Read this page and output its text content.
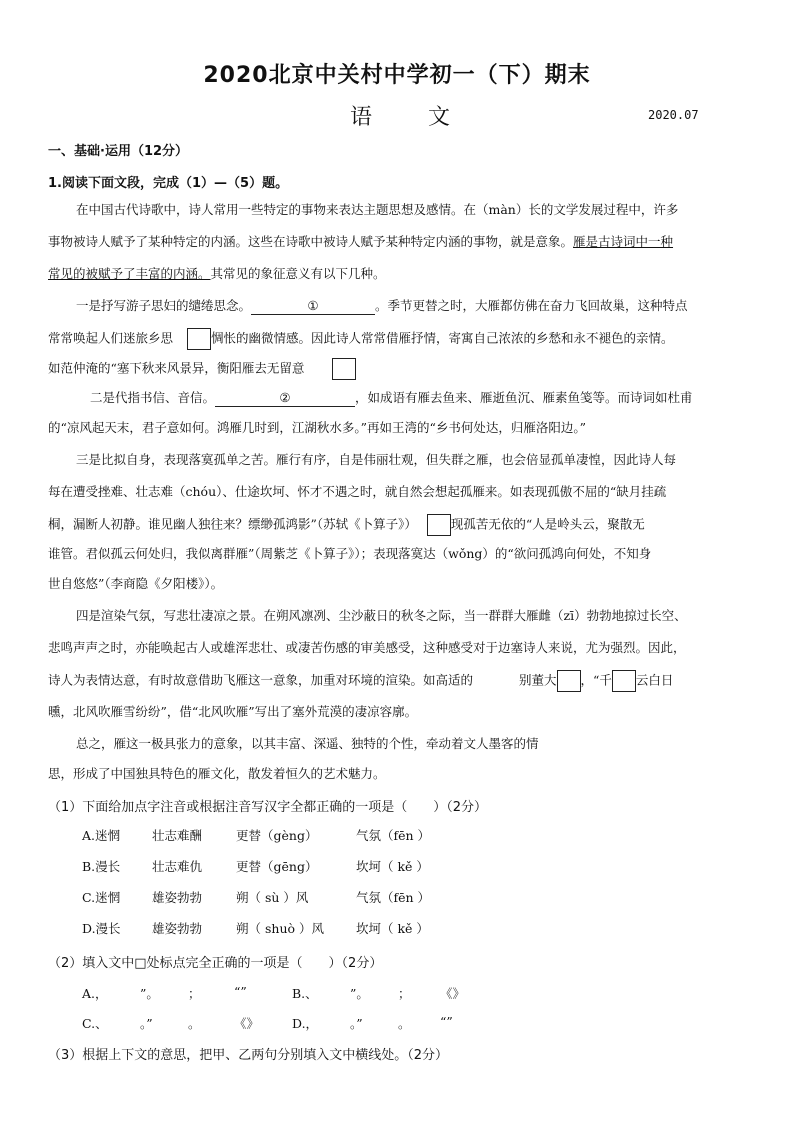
2020北京中关村中学初一（下）期末
语	文	2020.07
一、基础·运用（12分）
1.阅读下面文段，完成（1）—（5）题。
在中国古代诗歌中，诗人常用一些特定的事物来表达主题思想及感情。在（màn）长的文学发展过程中，许多
事物被诗人赋予了某种特定的内涵。这些在诗歌中被诗人赋予某种特定内涵的事物，就是意象。雁是古诗词中一种
常见的被赋予了丰富的内涵。其常见的象征意义有以下几种。
一是抒写游子思妇的缱绻思念。	①	。季节更替之时，大雁都仿佛在奋力飞回故巢，这种特点
常常唤起人们迷旅乡思	惆怅的幽微情感。因此诗人常常借雁抒情，寄寓自己浓浓的乡愁和永不褪色的亲情。
如范仲淹的“塞下秋来风景异，衡阳雁去无留意
二是代指书信、音信。	②	，如成语有雁去鱼来、雁逝鱼沉、雁素鱼笺等。而诗词如杜甫
的“凉风起天末，君子意如何。鸿雁几时到，江湖秋水多。”再如王湾的“乡书何处达，归雁洛阳边。”
三是比拟自身，表现落寞孤单之苦。雁行有序，自是伟丽壮观，但失群之雁，也会倍显孤单凄惶，因此诗人每
每在遭受挫难、壮志难（chóu）、仕途坎坷、怀才不遇之时，就自然会想起孤雁来。如表现孤傲不屈的“缺月挂疏
桐，漏断人初静。谁见幽人独往来？缥缈孤鸿影”（苏轼《卜算子》）	现孤苦无依的“人是岭头云，聚散无
谁管。君似孤云何处归，我似离群雁”（周紫芝《卜算子》）；表现落寞达（wǒng）的“欲问孤鸿向何处，不知身
世自悠悠”（李商隐《夕阳楼》）。
四是渲染气氛，写悲壮凄凉之景。在朔风凛冽、尘沙蔽日的秋冬之际，当一群群大雁雌（zī）勃勃地掠过长空、
悲鸣声声之时，亦能唤起古人或雄浑悲壮、或凄苦伤感的审美感受，这种感受对于边塞诗人来说，尤为强烈。因此，
诗人为表情达意，有时故意借助飞雁这一意象，加重对环境的渲染。如高适的	别董大 ，“千 云白日
曛，北风吹雁雪纷纷”，借“北风吹雁”写出了塞外荒漠的凄凉容廓。
总之，雁这一极具张力的意象，以其丰富、深遥、独特的个性，牵动着文人墨客的情
思，形成了中国独具特色的雁文化，散发着恒久的艺术魅力。
（1）下面给加点字注音或根据注音写汉字全都正确的一项是（　　）（2分）
A.迷惘	壮志难酬	更替（gèng）	气氛（fēn ）
B.漫长	壮志难仇	更替（gēng）	坎坷（ kě ）
C.迷惘	雄姿勃勃	朔（ sù ）风	气氛（fēn ）
D.漫长	雄姿勃勃	朔（ shuò ）风	坎坷（ kě ）
（2）填入文中□处标点完全正确的一项是（　　）（2分）
A.，	”。 ；	“”	B.、	”。 ； 《》
C.、	。”	。	《》	D.，	。”	。 “”
（3）根据上下文的意思，把甲、乙两句分别填入文中横线处。（2分）
